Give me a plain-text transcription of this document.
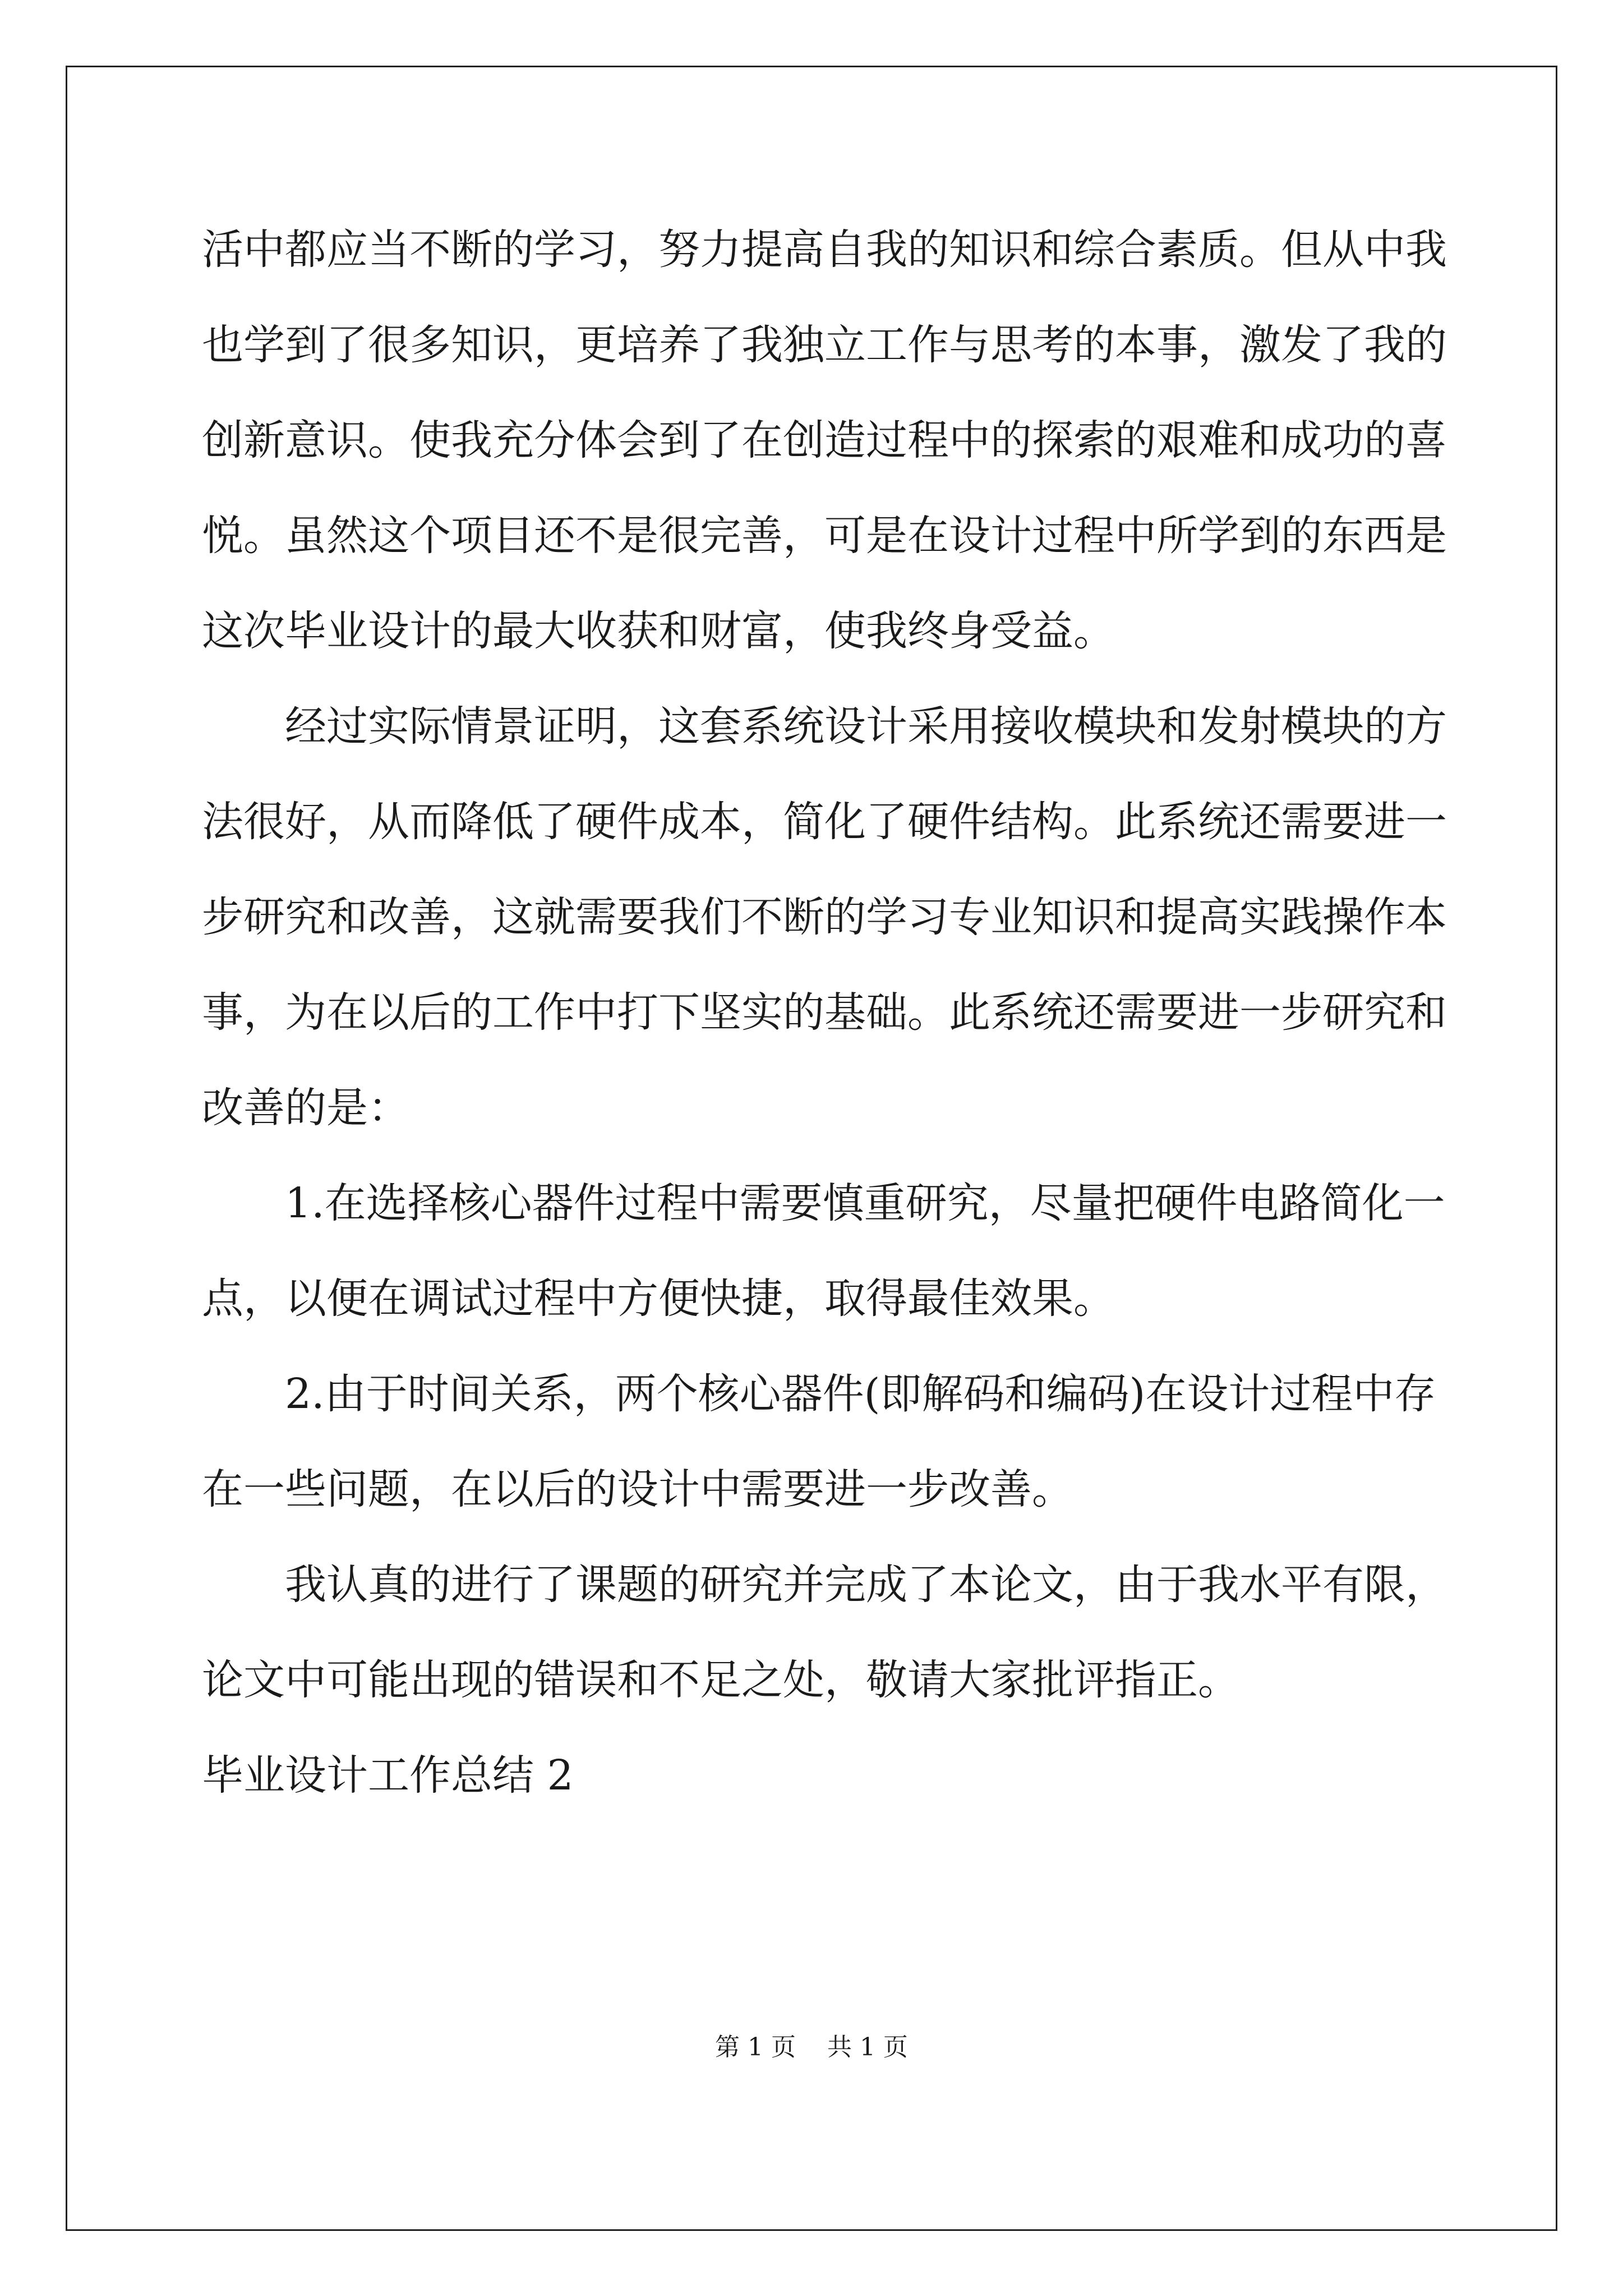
活中都应当不断的学习，努力提高自我的知识和综合素质。但从中我
也学到了很多知识，更培养了我独立工作与思考的本事，激发了我的
创新意识。使我充分体会到了在创造过程中的探索的艰难和成功的喜
悦。虽然这个项目还不是很完善，可是在设计过程中所学到的东西是
这次毕业设计的最大收获和财富，使我终身受益。
经过实际情景证明，这套系统设计采用接收模块和发射模块的方
法很好，从而降低了硬件成本，简化了硬件结构。此系统还需要进一
步研究和改善，这就需要我们不断的学习专业知识和提高实践操作本
事，为在以后的工作中打下坚实的基础。此系统还需要进一步研究和
改善的是：
1.在选择核心器件过程中需要慎重研究，尽量把硬件电路简化一
点，以便在调试过程中方便快捷，取得最佳效果。
2.由于时间关系，两个核心器件(即解码和编码)在设计过程中存
在一些问题，在以后的设计中需要进一步改善。
我认真的进行了课题的研究并完成了本论文，由于我水平有限，
论文中可能出现的错误和不足之处，敬请大家批评指正。
毕业设计工作总结 2
第 1 页    共 1 页
